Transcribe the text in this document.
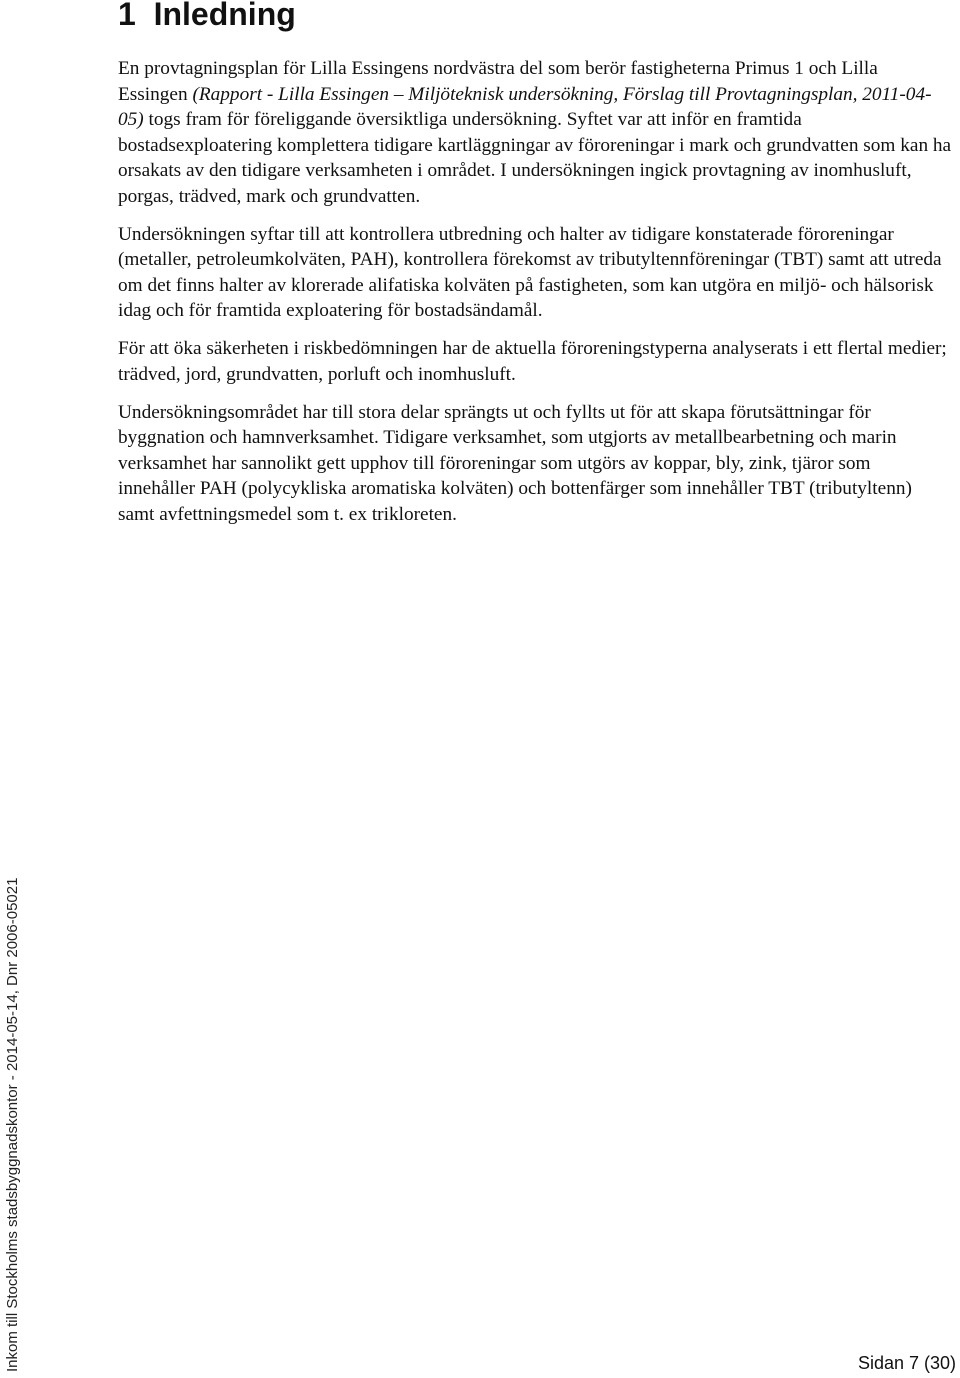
1 Inledning

En provtagningsplan för Lilla Essingens nordvästra del som berör fastigheterna Primus 1 och Lilla Essingen (Rapport - Lilla Essingen – Miljöteknisk undersökning, Förslag till Provtagningsplan, 2011-04-05) togs fram för föreliggande översiktliga undersökning. Syftet var att inför en framtida bostadsexploatering komplettera tidigare kartläggningar av föroreningar i mark och grundvatten som kan ha orsakats av den tidigare verksamheten i området. I undersökningen ingick provtagning av inomhusluft, porgas, trädved, mark och grundvatten.

Undersökningen syftar till att kontrollera utbredning och halter av tidigare konstaterade föroreningar (metaller, petroleumkolväten, PAH), kontrollera förekomst av tributyltennföreningar (TBT) samt att utreda om det finns halter av klorerade alifatiska kolväten på fastigheten, som kan utgöra en miljö- och hälsorisk idag och för framtida exploatering för bostadsändamål.

För att öka säkerheten i riskbedömningen har de aktuella föroreningstyperna analyserats i ett flertal medier; trädved, jord, grundvatten, porluft och inomhusluft.

Undersökningsområdet har till stora delar sprängts ut och fyllts ut för att skapa förutsättningar för byggnation och hamnverksamhet. Tidigare verksamhet, som utgjorts av metallbearbetning och marin verksamhet har sannolikt gett upphov till föroreningar som utgörs av koppar, bly, zink, tjäror som innehåller PAH (polycykliska aromatiska kolväten) och bottenfärger som innehåller TBT (tributyltenn) samt avfettningsmedel som t. ex trikloreten.

Inkom till Stockholms stadsbyggnadskontor - 2014-05-14, Dnr 2006-05021	Sidan 7 (30)
